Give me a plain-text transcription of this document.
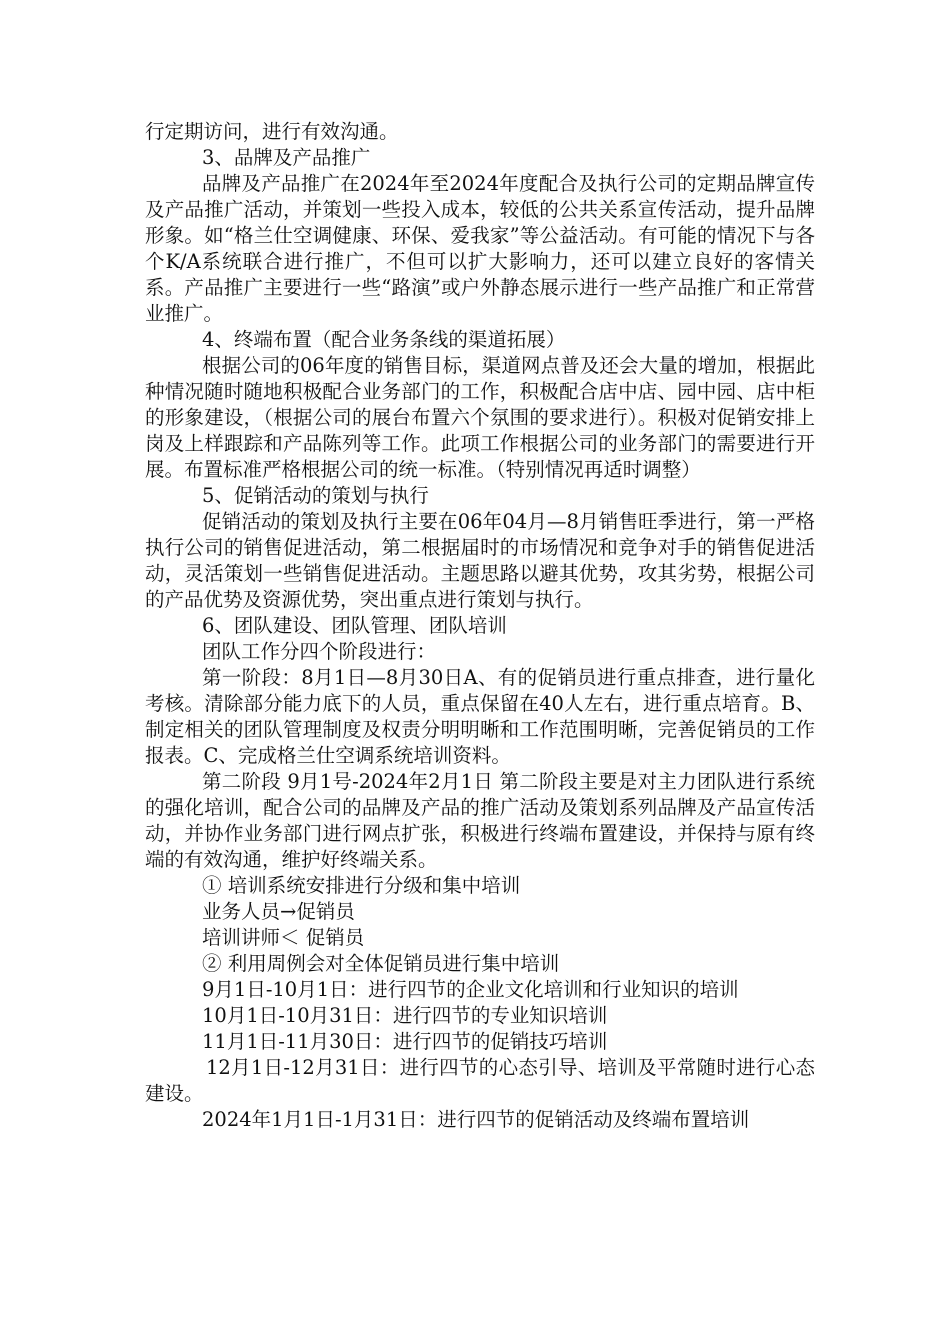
行定期访问，进行有效沟通。

3、品牌及产品推广

品牌及产品推广在2024年至2024年度配合及执行公司的定期品牌宣传及产品推广活动，并策划一些投入成本，较低的公共关系宣传活动，提升品牌形象。如“格兰仕空调健康、环保、爱我家”等公益活动。有可能的情况下与各个K/A系统联合进行推广，不但可以扩大影响力，还可以建立良好的客情关系。产品推广主要进行一些“路演”或户外静态展示进行一些产品推广和正常营业推广。

4、终端布置（配合业务条线的渠道拓展）

根据公司的06年度的销售目标，渠道网点普及还会大量的增加，根据此种情况随时随地积极配合业务部门的工作，积极配合店中店、园中园、店中柜的形象建设，（根据公司的展台布置六个氛围的要求进行）。积极对促销安排上岗及上样跟踪和产品陈列等工作。此项工作根据公司的业务部门的需要进行开展。布置标准严格根据公司的统一标准。（特别情况再适时调整）

5、促销活动的策划与执行

促销活动的策划及执行主要在06年04月—8月销售旺季进行，第一严格执行公司的销售促进活动，第二根据届时的市场情况和竞争对手的销售促进活动，灵活策划一些销售促进活动。主题思路以避其优势，攻其劣势，根据公司的产品优势及资源优势，突出重点进行策划与执行。

6、团队建设、团队管理、团队培训

团队工作分四个阶段进行：

第一阶段：8月1日—8月30日A、有的促销员进行重点排查，进行量化考核。清除部分能力底下的人员，重点保留在40人左右，进行重点培育。B、制定相关的团队管理制度及权责分明明晰和工作范围明晰，完善促销员的工作报表。C、完成格兰仕空调系统培训资料。

第二阶段 9月1号-2024年2月1日 第二阶段主要是对主力团队进行系统的强化培训，配合公司的品牌及产品的推广活动及策划系列品牌及产品宣传活动，并协作业务部门进行网点扩张，积极进行终端布置建设，并保持与原有终端的有效沟通，维护好终端关系。

① 培训系统安排进行分级和集中培训

业务人员→促销员

培训讲师＜ 促销员

② 利用周例会对全体促销员进行集中培训

9月1日-10月1日：进行四节的企业文化培训和行业知识的培训

10月1日-10月31日：进行四节的专业知识培训

11月1日-11月30日：进行四节的促销技巧培训

12月1日-12月31日：进行四节的心态引导、培训及平常随时进行心态建设。

2024年1月1日-1月31日：进行四节的促销活动及终端布置培训
